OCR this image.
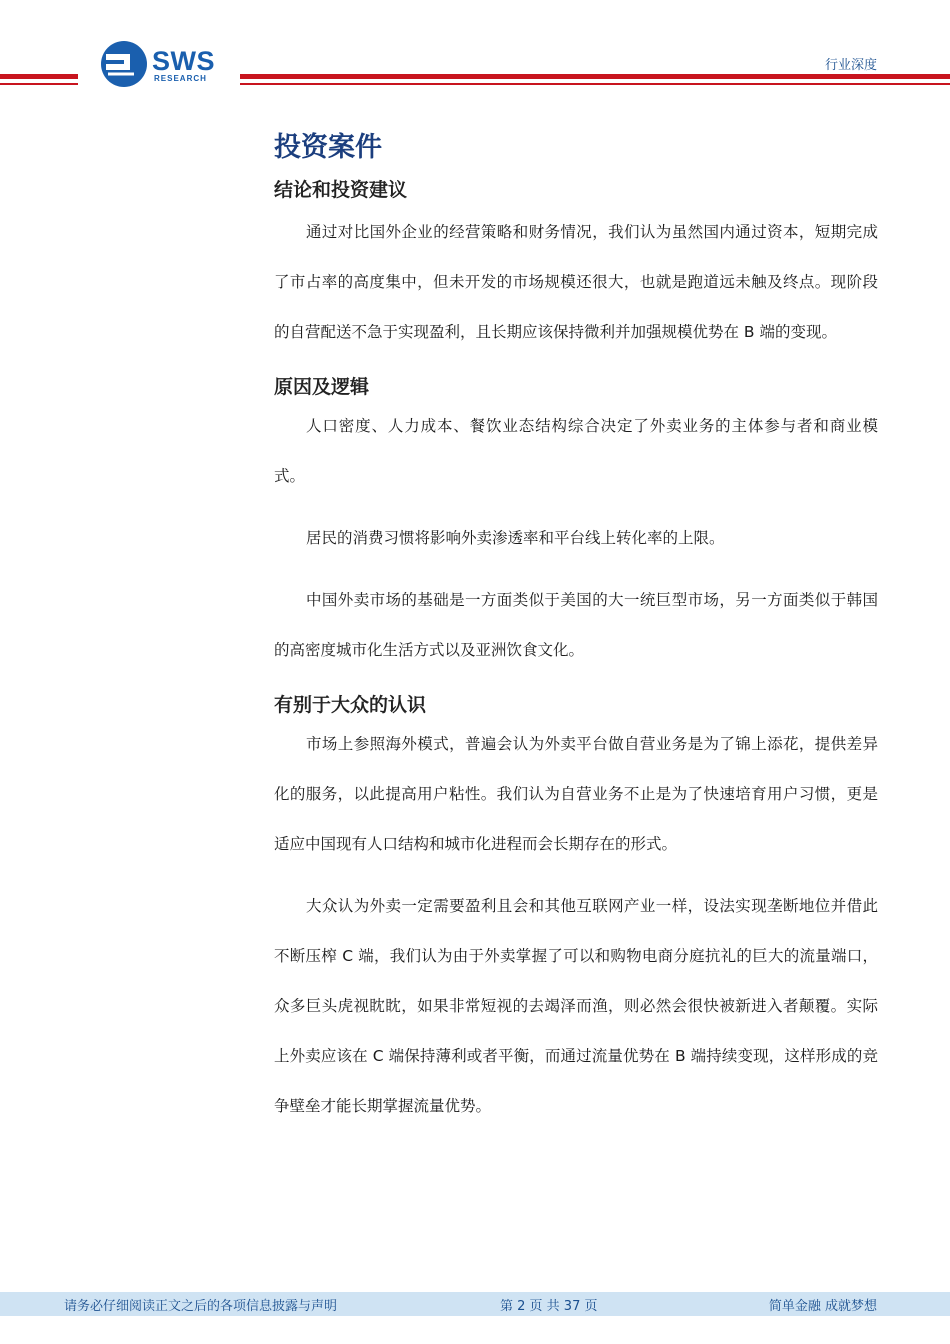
SWS
RESEARCH
行业深度
投资案件
结论和投资建议

通过对比国外企业的经营策略和财务情况，我们认为虽然国内通过资本，短期完成了市占率的高度集中，但未开发的市场规模还很大，也就是跑道远未触及终点。现阶段的自营配送不急于实现盈利，且长期应该保持微利并加强规模优势在 B 端的变现。

原因及逻辑

人口密度、人力成本、餐饮业态结构综合决定了外卖业务的主体参与者和商业模式。

居民的消费习惯将影响外卖渗透率和平台线上转化率的上限。

中国外卖市场的基础是一方面类似于美国的大一统巨型市场，另一方面类似于韩国的高密度城市化生活方式以及亚洲饮食文化。

有别于大众的认识

市场上参照海外模式，普遍会认为外卖平台做自营业务是为了锦上添花，提供差异化的服务，以此提高用户粘性。我们认为自营业务不止是为了快速培育用户习惯，更是适应中国现有人口结构和城市化进程而会长期存在的形式。

大众认为外卖一定需要盈利且会和其他互联网产业一样，设法实现垄断地位并借此不断压榨 C 端，我们认为由于外卖掌握了可以和购物电商分庭抗礼的巨大的流量端口，众多巨头虎视眈眈，如果非常短视的去竭泽而渔，则必然会很快被新进入者颠覆。实际上外卖应该在 C 端保持薄利或者平衡，而通过流量优势在 B 端持续变现，这样形成的竞争壁垒才能长期掌握流量优势。

请务必仔细阅读正文之后的各项信息披露与声明	第 2 页 共 37 页	简单金融 成就梦想
